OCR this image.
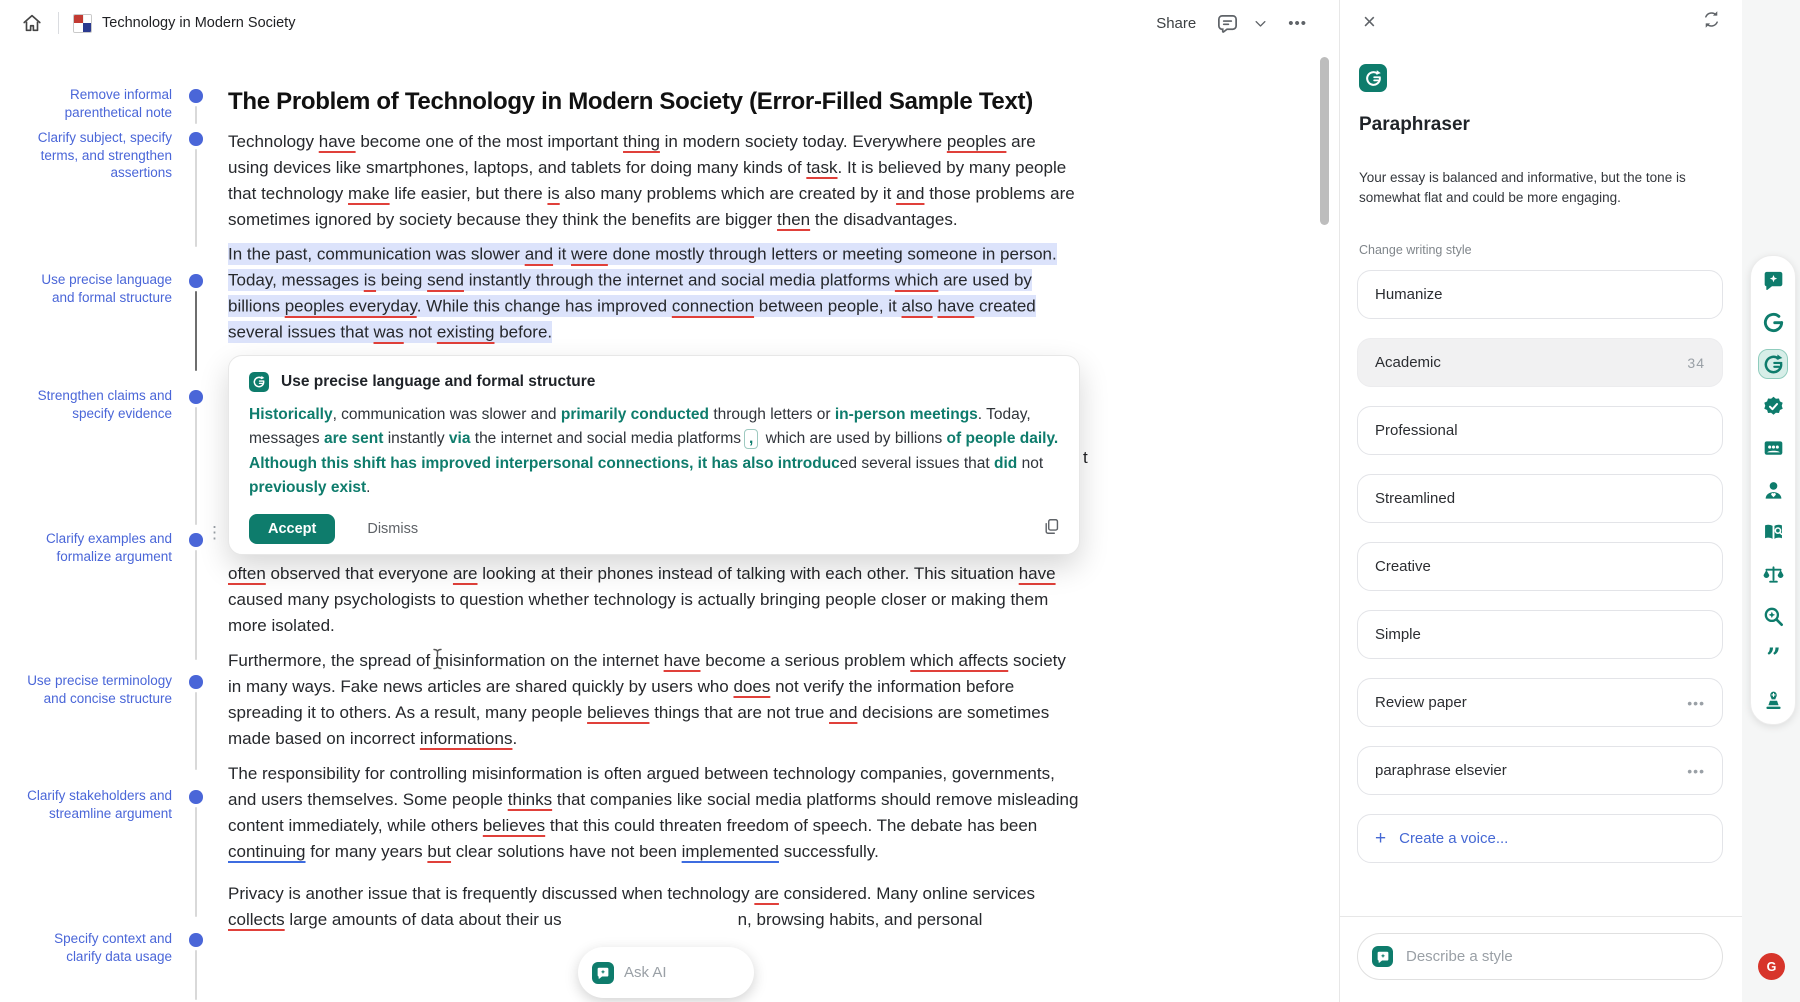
Technology in Modern Society	Share	•••
Remove informal parenthetical note
Clarify subject, specify terms, and strengthen assertions
Use precise language and formal structure
Strengthen claims and specify evidence
Clarify examples and formalize argument
Use precise terminology and concise structure
Clarify stakeholders and streamline argument
Specify context and clarify data usage
⋮
The Problem of Technology in Modern Society (Error-Filled Sample Text)

Technology have become one of the most important thing in modern society today. Everywhere peoples are using devices like smartphones, laptops, and tablets for doing many kinds of task. It is believed by many people that technology make life easier, but there is also many problems which are created by it and those problems are sometimes ignored by society because they think the benefits are bigger then the disadvantages.

In the past, communication was slower and it were done mostly through letters or meeting someone in person. Today, messages is being send instantly through the internet and social media platforms which are used by billions peoples everyday. While this change has improved connection between people, it also have created several issues that was not existing before.

t
Use precise language and formal structure
Historically, communication was slower and primarily conducted through letters or in-person meetings. Today, messages are sent instantly via the internet and social media platforms , which are used by billions of people daily. Although this shift has improved interpersonal connections, it has also introduced several issues that did not previously exist.
Accept	Dismiss

often observed that everyone are looking at their phones instead of talking with each other. This situation have caused many psychologists to question whether technology is actually bringing people closer or making them more isolated.

Furthermore, the spread of misinformation on the internet have become a serious problem which affects society in many ways. Fake news articles are shared quickly by users who does not verify the information before spreading it to others. As a result, many people believes things that are not true and decisions are sometimes made based on incorrect informations.

The responsibility for controlling misinformation is often argued between technology companies, governments, and users themselves. Some people thinks that companies like social media platforms should remove misleading content immediately, while others believes that this could threaten freedom of speech. The debate has been continuing for many years but clear solutions have not been implemented successfully.

Privacy is another issue that is frequently discussed when technology are considered. Many online services collects large amounts of data about their us	n, browsing habits, and personal

Ask AI
×
Paraphraser

Your essay is balanced and informative, but the tone is somewhat flat and could be more engaging.

Change writing style
Humanize
Academic	34
Professional
Streamlined
Creative
Simple
Review paper	•••
paraphrase elsevier	•••
+ Create a voice...
Describe a style
”
G
